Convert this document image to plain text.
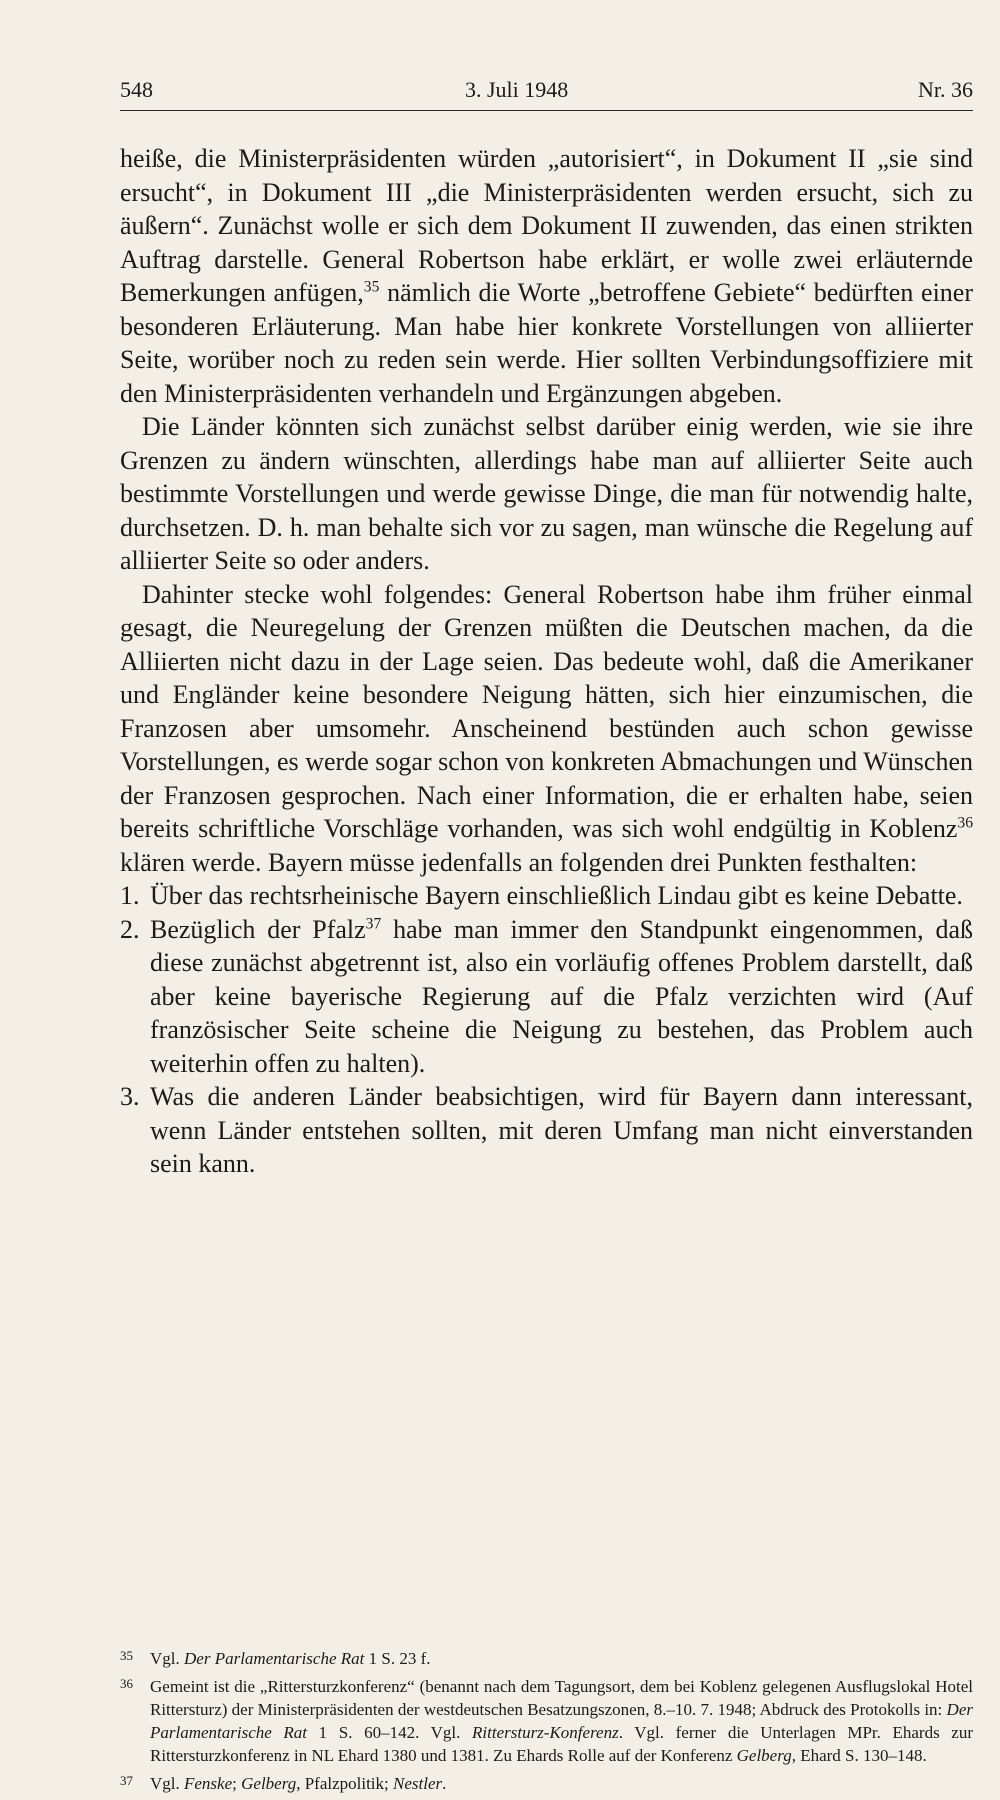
548	3. Juli 1948	Nr. 36

heiße, die Ministerpräsidenten würden „autorisiert“, in Dokument II „sie sind ersucht“, in Dokument III „die Ministerpräsidenten werden ersucht, sich zu äußern“. Zunächst wolle er sich dem Dokument II zuwenden, das einen strikten Auftrag darstelle. General Robertson habe erklärt, er wolle zwei erläuternde Bemerkungen anfügen,$^{35}$ nämlich die Worte „betroffene Gebiete“ bedürften einer besonderen Erläuterung. Man habe hier konkrete Vorstellungen von alliierter Seite, worüber noch zu reden sein werde. Hier sollten Verbindungsoffiziere mit den Ministerpräsidenten verhandeln und Ergänzungen abgeben.

Die Länder könnten sich zunächst selbst darüber einig werden, wie sie ihre Grenzen zu ändern wünschten, allerdings habe man auf alliierter Seite auch bestimmte Vorstellungen und werde gewisse Dinge, die man für notwendig halte, durchsetzen. D. h. man behalte sich vor zu sagen, man wünsche die Regelung auf alliierter Seite so oder anders.

Dahinter stecke wohl folgendes: General Robertson habe ihm früher einmal gesagt, die Neuregelung der Grenzen müßten die Deutschen machen, da die Alliierten nicht dazu in der Lage seien. Das bedeute wohl, daß die Amerikaner und Engländer keine besondere Neigung hätten, sich hier einzumischen, die Franzosen aber umsomehr. Anscheinend bestünden auch schon gewisse Vorstellungen, es werde sogar schon von konkreten Abmachungen und Wünschen der Franzosen gesprochen. Nach einer Information, die er erhalten habe, seien bereits schriftliche Vorschläge vorhanden, was sich wohl endgültig in Koblenz$^{36}$ klären werde. Bayern müsse jedenfalls an folgenden drei Punkten festhalten:

1. Über das rechtsrheinische Bayern einschließlich Lindau gibt es keine Debatte.
2. Bezüglich der Pfalz$^{37}$ habe man immer den Standpunkt eingenommen, daß diese zunächst abgetrennt ist, also ein vorläufig offenes Problem darstellt, daß aber keine bayerische Regierung auf die Pfalz verzichten wird (Auf französischer Seite scheine die Neigung zu bestehen, das Problem auch weiterhin offen zu halten).
3. Was die anderen Länder beabsichtigen, wird für Bayern dann interessant, wenn Länder entstehen sollten, mit deren Umfang man nicht einverstanden sein kann.

35 Vgl. Der Parlamentarische Rat 1 S. 23 f.

36 Gemeint ist die „Rittersturzkonferenz“ (benannt nach dem Tagungsort, dem bei Koblenz gelegenen Ausflugslokal Hotel Rittersturz) der Ministerpräsidenten der westdeutschen Besatzungszonen, 8.–10. 7. 1948; Abdruck des Protokolls in: Der Parlamentarische Rat 1 S. 60–142. Vgl. Rittersturz-Konferenz. Vgl. ferner die Unterlagen MPr. Ehards zur Rittersturzkonferenz in NL Ehard 1380 und 1381. Zu Ehards Rolle auf der Konferenz Gelberg, Ehard S. 130–148.

37 Vgl. Fenske; Gelberg, Pfalzpolitik; Nestler.
